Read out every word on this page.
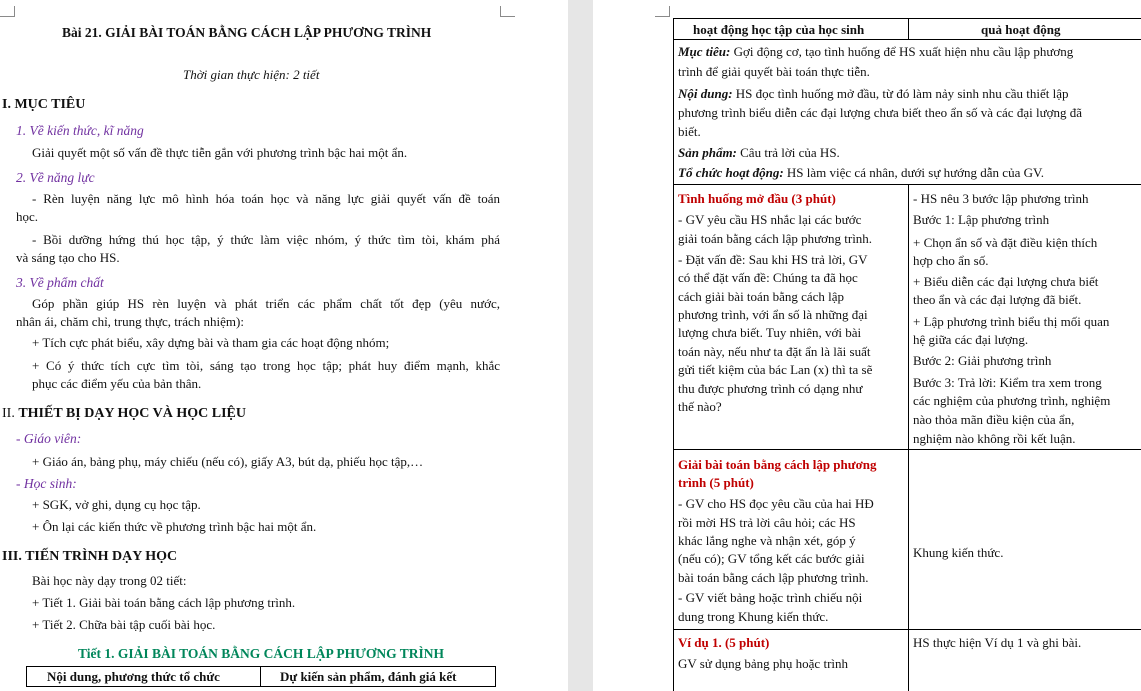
Bài 21. GIẢI BÀI TOÁN BẰNG CÁCH LẬP PHƯƠNG TRÌNH
Thời gian thực hiện: 2 tiết
I. MỤC TIÊU
1. Về kiến thức, kĩ năng
Giải quyết một số vấn đề thực tiễn gắn với phương trình bậc hai một ẩn.
2. Về năng lực
- Rèn luyện năng lực mô hình hóa toán học và năng lực giải quyết vấn đề toán
học.
- Bồi dưỡng hứng thú học tập, ý thức làm việc nhóm, ý thức tìm tòi, khám phá
và sáng tạo cho HS.
3. Về phẩm chất
Góp phần giúp HS rèn luyện và phát triển các phẩm chất tốt đẹp (yêu nước,
nhân ái, chăm chỉ, trung thực, trách nhiệm):
+ Tích cực phát biểu, xây dựng bài và tham gia các hoạt động nhóm;
+ Có ý thức tích cực tìm tòi, sáng tạo trong học tập; phát huy điểm mạnh, khắc
phục các điểm yếu của bản thân.
II. THIẾT BỊ DẠY HỌC VÀ HỌC LIỆU
- Giáo viên:
+ Giáo án, bảng phụ, máy chiếu (nếu có), giấy A3, bút dạ, phiếu học tập,…
- Học sinh:
+ SGK, vở ghi, dụng cụ học tập.
+ Ôn lại các kiến thức về phương trình bậc hai một ẩn.
III. TIẾN TRÌNH DẠY HỌC
Bài học này dạy trong 02 tiết:
+ Tiết 1. Giải bài toán bằng cách lập phương trình.
+ Tiết 2. Chữa bài tập cuối bài học.
Tiết 1. GIẢI BÀI TOÁN BẰNG CÁCH LẬP PHƯƠNG TRÌNH
Nội dung, phương thức tổ chức	Dự kiến sản phẩm, đánh giá kết
hoạt động học tập của học sinh	quả hoạt động
Mục tiêu: Gợi động cơ, tạo tình huống để HS xuất hiện nhu cầu lập phương
trình để giải quyết bài toán thực tiễn.
Nội dung: HS đọc tình huống mở đầu, từ đó làm nảy sinh nhu cầu thiết lập
phương trình biểu diễn các đại lượng chưa biết theo ẩn số và các đại lượng đã
biết.
Sản phẩm: Câu trả lời của HS.
Tổ chức hoạt động: HS làm việc cá nhân, dưới sự hướng dẫn của GV.
Tình huống mở đầu (3 phút)
- GV yêu cầu HS nhắc lại các bước
giải toán bằng cách lập phương trình.
- Đặt vấn đề: Sau khi HS trả lời, GV
có thể đặt vấn đề: Chúng ta đã học
cách giải bài toán bằng cách lập
phương trình, với ẩn số là những đại
lượng chưa biết. Tuy nhiên, với bài
toán này, nếu như ta đặt ẩn là lãi suất
gửi tiết kiệm của bác Lan (x) thì ta sẽ
thu được phương trình có dạng như
thế nào?
- HS nêu 3 bước lập phương trình
Bước 1: Lập phương trình
+ Chọn ẩn số và đặt điều kiện thích
hợp cho ẩn số.
+ Biểu diễn các đại lượng chưa biết
theo ẩn và các đại lượng đã biết.
+ Lập phương trình biểu thị mối quan
hệ giữa các đại lượng.
Bước 2: Giải phương trình
Bước 3: Trả lời: Kiểm tra xem trong
các nghiệm của phương trình, nghiệm
nào thỏa mãn điều kiện của ẩn,
nghiệm nào không rồi kết luận.
Giải bài toán bằng cách lập phương
trình (5 phút)
- GV cho HS đọc yêu cầu của hai HĐ
rồi mời HS trả lời câu hỏi; các HS
khác lắng nghe và nhận xét, góp ý
(nếu có); GV tổng kết các bước giải
bài toán bằng cách lập phương trình.
- GV viết bảng hoặc trình chiếu nội
dung trong Khung kiến thức.
Khung kiến thức.
Ví dụ 1. (5 phút)
GV sử dụng bảng phụ hoặc trình
HS thực hiện Ví dụ 1 và ghi bài.
